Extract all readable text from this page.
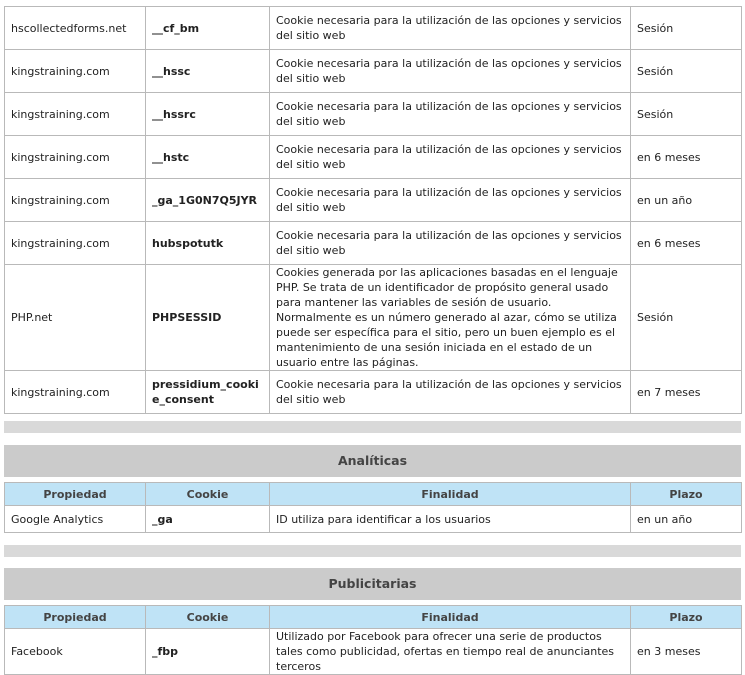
hscollectedforms.net	__cf_bm	Cookie necesaria para la utilización de las opciones y servicios del sitio web	Sesión
kingstraining.com	__hssc	Cookie necesaria para la utilización de las opciones y servicios del sitio web	Sesión
kingstraining.com	__hssrc	Cookie necesaria para la utilización de las opciones y servicios del sitio web	Sesión
kingstraining.com	__hstc	Cookie necesaria para la utilización de las opciones y servicios del sitio web	en 6 meses
kingstraining.com	_ga_1G0N7Q5JYR	Cookie necesaria para la utilización de las opciones y servicios del sitio web	en un año
kingstraining.com	hubspotutk	Cookie necesaria para la utilización de las opciones y servicios del sitio web	en 6 meses
PHP.net	PHPSESSID	Cookies generada por las aplicaciones basadas en el lenguaje PHP. Se trata de un identificador de propósito general usado para mantener las variables de sesión de usuario. Normalmente es un número generado al azar, cómo se utiliza puede ser específica para el sitio, pero un buen ejemplo es el mantenimiento de una sesión iniciada en el estado de un usuario entre las páginas.	Sesión
kingstraining.com	pressidium_cookie_consent	Cookie necesaria para la utilización de las opciones y servicios del sitio web	en 7 meses
Analíticas
Propiedad	Cookie	Finalidad	Plazo
Google Analytics	_ga	ID utiliza para identificar a los usuarios	en un año
Publicitarias
Propiedad	Cookie	Finalidad	Plazo
Facebook	_fbp	Utilizado por Facebook para ofrecer una serie de productos tales como publicidad, ofertas en tiempo real de anunciantes terceros	en 3 meses
